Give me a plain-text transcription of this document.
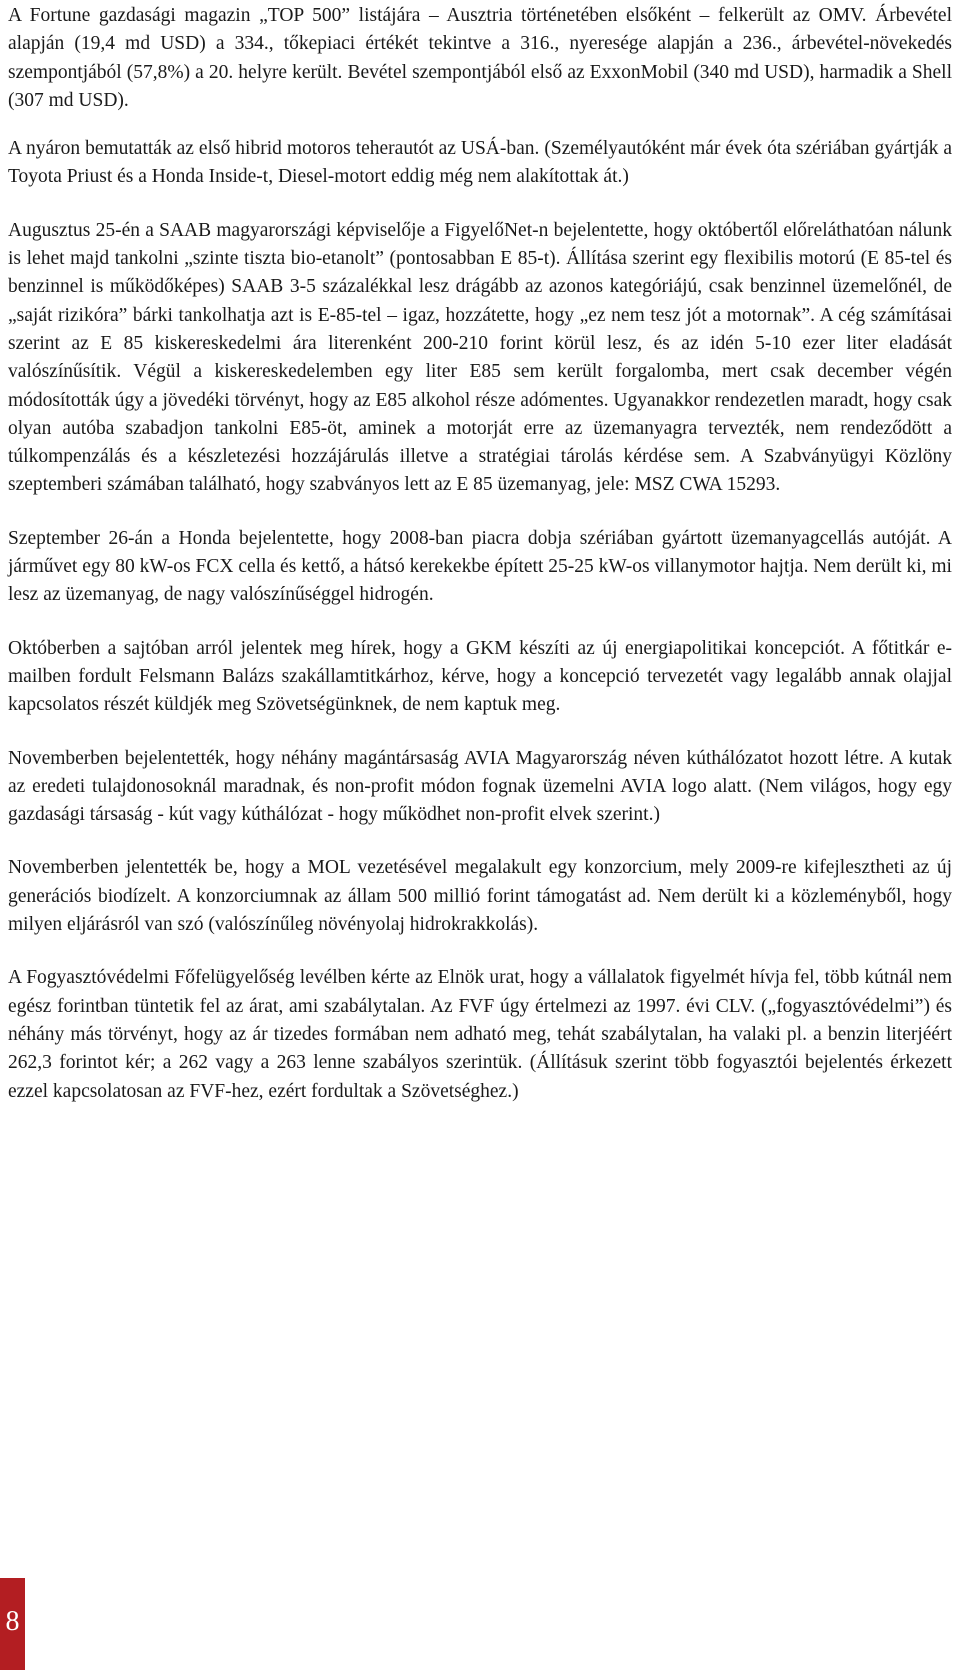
A Fortune gazdasági magazin „TOP 500” listájára – Ausztria történetében elsőként – felkerült az OMV. Árbevétel alapján (19,4 md USD) a 334., tőkepiaci értékét tekintve a 316., nyeresége alapján a 236., árbevétel-növekedés szempontjából (57,8%) a 20. helyre került. Bevétel szempontjából első az ExxonMobil (340 md USD), harmadik a Shell (307 md USD).

A nyáron bemutatták az első hibrid motoros teherautót az USÁ-ban. (Személyautóként már évek óta szériában gyártják a Toyota Priust és a Honda Inside-t, Diesel-motort eddig még nem alakítottak át.)

Augusztus 25-én a SAAB magyarországi képviselője a FigyelőNet-n bejelentette, hogy októbertől előreláthatóan nálunk is lehet majd tankolni „szinte tiszta bio-etanolt” (pontosabban E 85-t). Állítása szerint egy flexibilis motorú (E 85-tel és benzinnel is működőképes) SAAB 3-5 százalékkal lesz drágább az azonos kategóriájú, csak benzinnel üzemelőnél, de „saját rizikóra” bárki tankolhatja azt is E-85-tel – igaz, hozzátette, hogy „ez nem tesz jót a motornak”. A cég számításai szerint az E 85 kiskereskedelmi ára literenként 200-210 forint körül lesz, és az idén 5-10 ezer liter eladását valószínűsítik. Végül a kiskereskedelemben egy liter E85 sem került forgalomba, mert csak december végén módosították úgy a jövedéki törvényt, hogy az E85 alkohol része adómentes. Ugyanakkor rendezetlen maradt, hogy csak olyan autóba szabadjon tankolni E85-öt, aminek a motorját erre az üzemanyagra tervezték, nem rendeződött a túlkompenzálás és a készletezési hozzájárulás illetve a stratégiai tárolás kérdése sem. A Szabványügyi Közlöny szeptemberi számában található, hogy szabványos lett az E 85 üzemanyag, jele: MSZ CWA 15293.

Szeptember 26-án a Honda bejelentette, hogy 2008-ban piacra dobja szériában gyártott üzemanyagcellás autóját. A járművet egy 80 kW-os FCX cella és kettő, a hátsó kerekekbe épített 25-25 kW-os villanymotor hajtja. Nem derült ki, mi lesz az üzemanyag, de nagy valószínűséggel hidrogén.

Októberben a sajtóban arról jelentek meg hírek, hogy a GKM készíti az új energiapolitikai koncepciót. A főtitkár e-mailben fordult Felsmann Balázs szakállamtitkárhoz, kérve, hogy a koncepció tervezetét vagy legalább annak olajjal kapcsolatos részét küldjék meg Szövetségünknek, de nem kaptuk meg.

Novemberben bejelentették, hogy néhány magántársaság AVIA Magyarország néven kúthálózatot hozott létre. A kutak az eredeti tulajdonosoknál maradnak, és non-profit módon fognak üzemelni AVIA logo alatt. (Nem világos, hogy egy gazdasági társaság - kút vagy kúthálózat - hogy működhet non-profit elvek szerint.)

Novemberben jelentették be, hogy a MOL vezetésével megalakult egy konzorcium, mely 2009-re kifejlesztheti az új generációs biodízelt. A konzorciumnak az állam 500 millió forint támogatást ad. Nem derült ki a közleményből, hogy milyen eljárásról van szó (valószínűleg növényolaj hidrokrakkolás).

A Fogyasztóvédelmi Főfelügyelőség levélben kérte az Elnök urat, hogy a vállalatok figyelmét hívja fel, több kútnál nem egész forintban tüntetik fel az árat, ami szabálytalan. Az FVF úgy értelmezi az 1997. évi CLV. („fogyasztóvédelmi”) és néhány más törvényt, hogy az ár tizedes formában nem adható meg, tehát szabálytalan, ha valaki pl. a benzin literjéért 262,3 forintot kér; a 262 vagy a 263 lenne szabályos szerintük. (Állításuk szerint több fogyasztói bejelentés érkezett ezzel kapcsolatosan az FVF-hez, ezért fordultak a Szövetséghez.)

8
